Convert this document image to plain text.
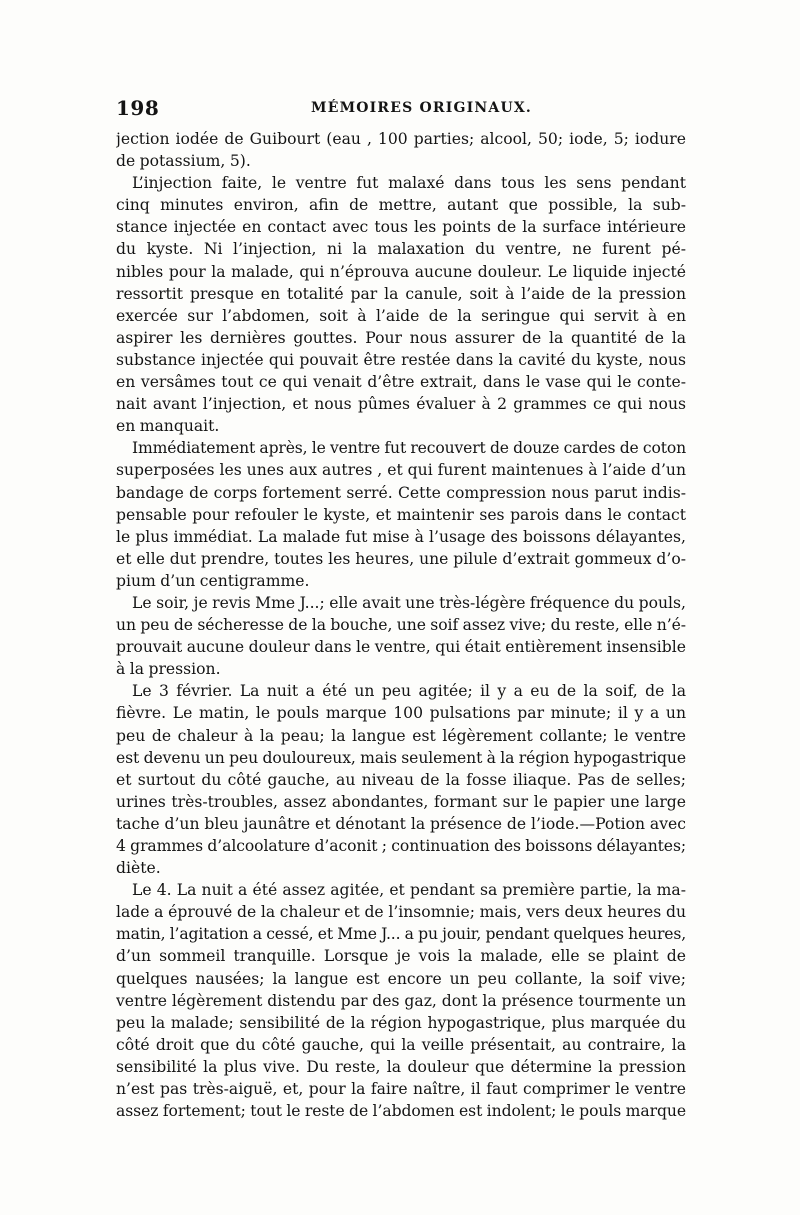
198	MÉMOIRES ORIGINAUX.
jection iodée de Guibourt (eau , 100 parties; alcool, 50; iode, 5; iodure
de potassium, 5).
L’injection faite, le ventre fut malaxé dans tous les sens pendant
cinq minutes environ, afin de mettre, autant que possible, la sub-
stance injectée en contact avec tous les points de la surface intérieure
du kyste. Ni l’injection, ni la malaxation du ventre, ne furent pé-
nibles pour la malade, qui n’éprouva aucune douleur. Le liquide injecté
ressortit presque en totalité par la canule, soit à l’aide de la pression
exercée sur l’abdomen, soit à l’aide de la seringue qui servit à en
aspirer les dernières gouttes. Pour nous assurer de la quantité de la
substance injectée qui pouvait être restée dans la cavité du kyste, nous
en versâmes tout ce qui venait d’être extrait, dans le vase qui le conte-
nait avant l’injection, et nous pûmes évaluer à 2 grammes ce qui nous
en manquait.
Immédiatement après, le ventre fut recouvert de douze cardes de coton
superposées les unes aux autres , et qui furent maintenues à l’aide d’un
bandage de corps fortement serré. Cette compression nous parut indis-
pensable pour refouler le kyste, et maintenir ses parois dans le contact
le plus immédiat. La malade fut mise à l’usage des boissons délayantes,
et elle dut prendre, toutes les heures, une pilule d’extrait gommeux d’o-
pium d’un centigramme.
Le soir, je revis Mme J...; elle avait une très-légère fréquence du pouls,
un peu de sécheresse de la bouche, une soif assez vive; du reste, elle n’é-
prouvait aucune douleur dans le ventre, qui était entièrement insensible
à la pression.
Le 3 février. La nuit a été un peu agitée; il y a eu de la soif, de la
fièvre. Le matin, le pouls marque 100 pulsations par minute; il y a un
peu de chaleur à la peau; la langue est légèrement collante; le ventre
est devenu un peu douloureux, mais seulement à la région hypogastrique
et surtout du côté gauche, au niveau de la fosse iliaque. Pas de selles;
urines très-troubles, assez abondantes, formant sur le papier une large
tache d’un bleu jaunâtre et dénotant la présence de l’iode.—Potion avec
4 grammes d’alcoolature d’aconit ; continuation des boissons délayantes;
diète.
Le 4. La nuit a été assez agitée, et pendant sa première partie, la ma-
lade a éprouvé de la chaleur et de l’insomnie; mais, vers deux heures du
matin, l’agitation a cessé, et Mme J... a pu jouir, pendant quelques heures,
d’un sommeil tranquille. Lorsque je vois la malade, elle se plaint de
quelques nausées; la langue est encore un peu collante, la soif vive;
ventre légèrement distendu par des gaz, dont la présence tourmente un
peu la malade; sensibilité de la région hypogastrique, plus marquée du
côté droit que du côté gauche, qui la veille présentait, au contraire, la
sensibilité la plus vive. Du reste, la douleur que détermine la pression
n’est pas très-aiguë, et, pour la faire naître, il faut comprimer le ventre
assez fortement; tout le reste de l’abdomen est indolent; le pouls marque
